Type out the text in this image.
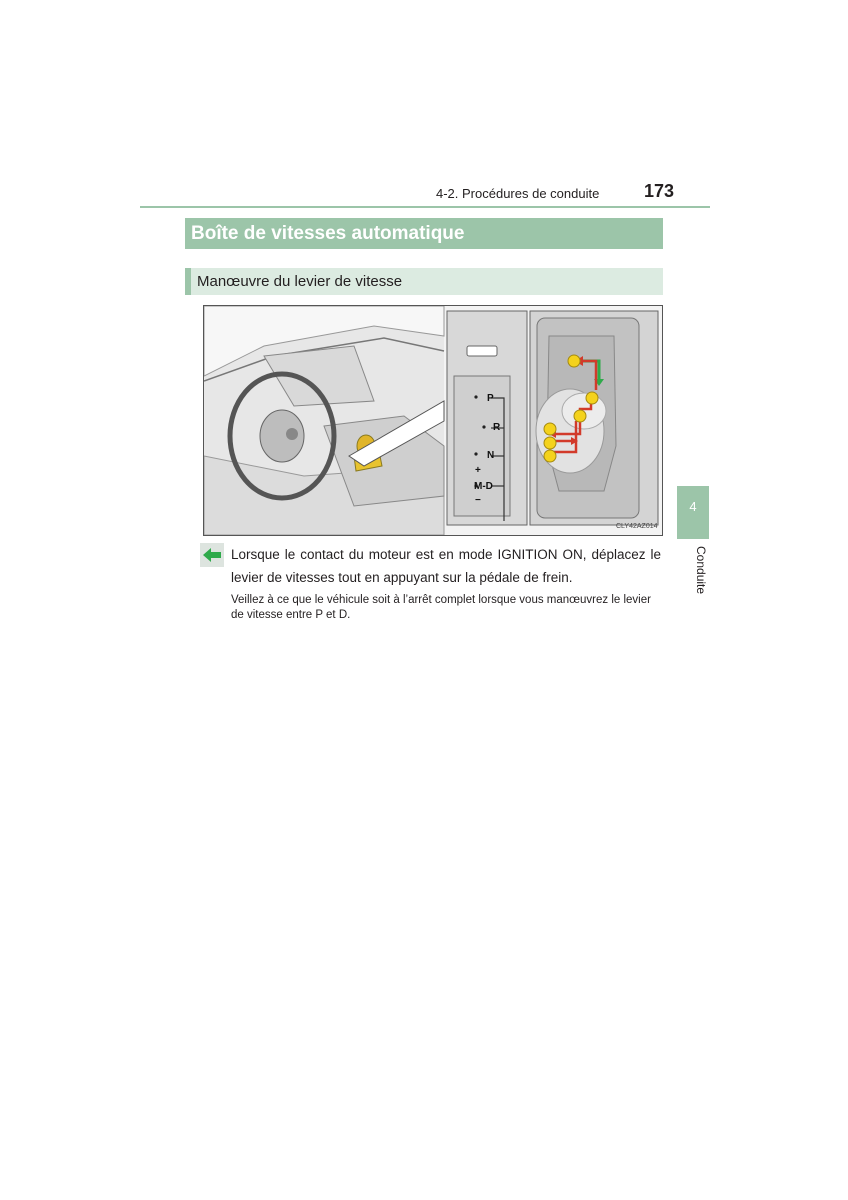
4-2. Procédures de conduite 173
Boîte de vitesses automatique
Manœuvre du levier de vitesse
P
R
N
+
M-D
−
CLY42AZ014
Lorsque le contact du moteur est en mode IGNITION ON, déplacez le levier de vitesses tout en appuyant sur la pédale de frein.
Veillez à ce que le véhicule soit à l’arrêt complet lorsque vous manœuvrez le levier de vitesse entre P et D.
4
Conduite
